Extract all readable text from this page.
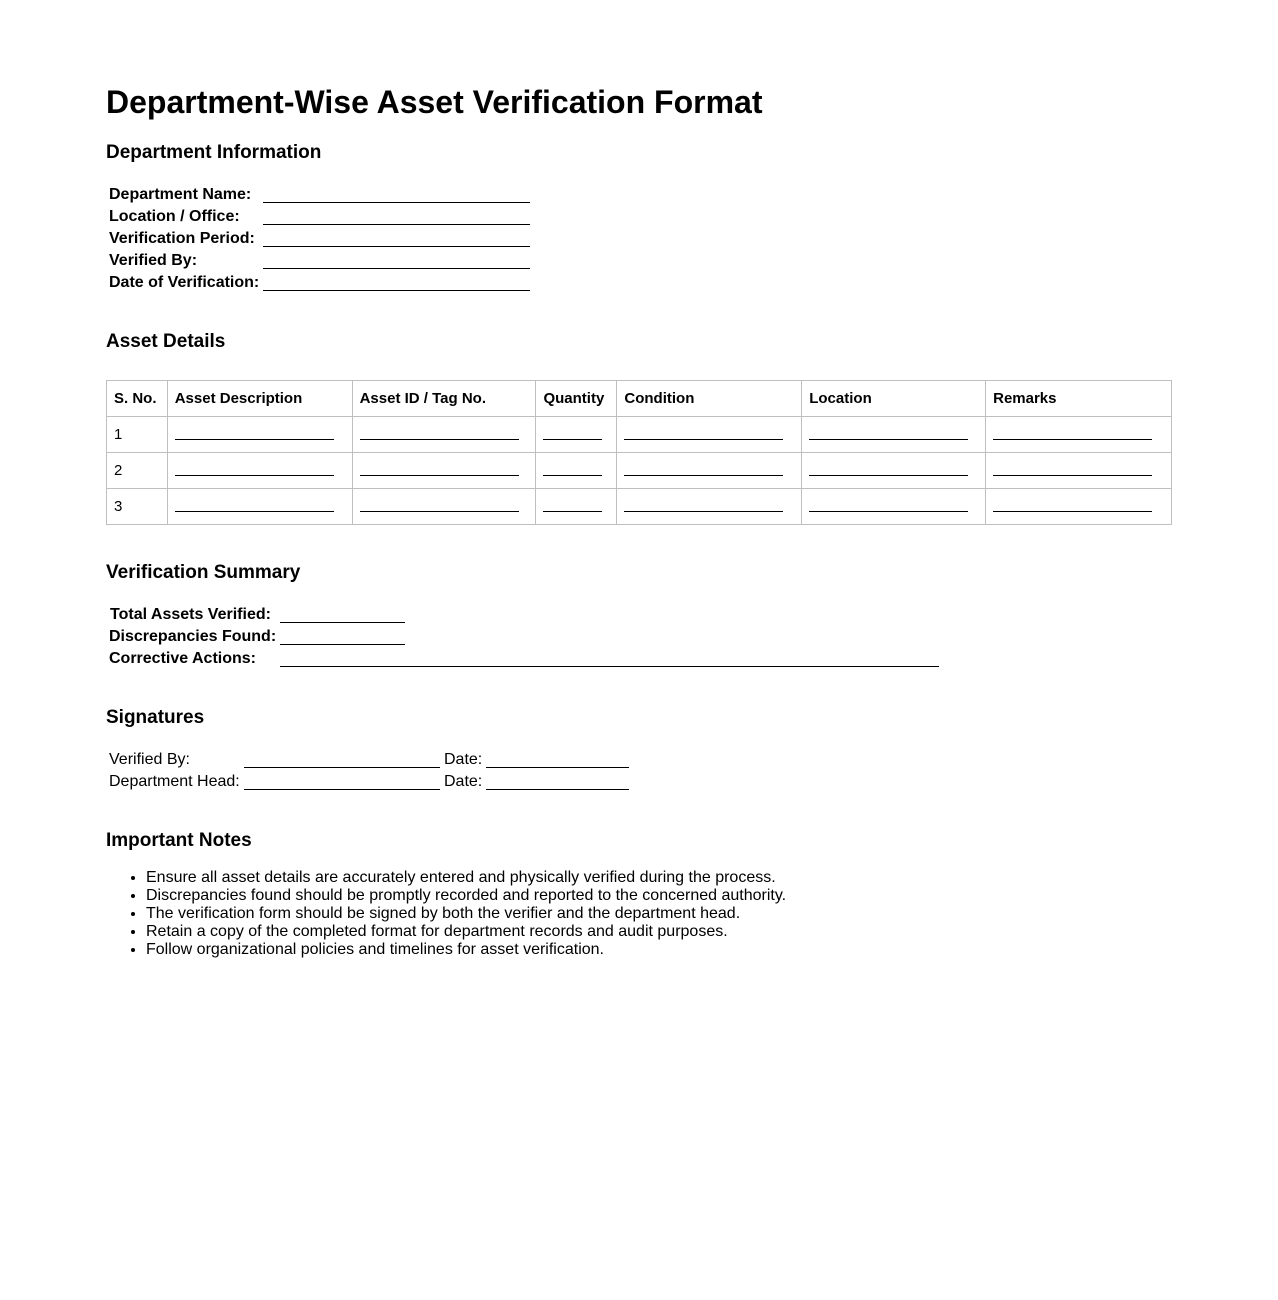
Department-Wise Asset Verification Format
Department Information
Department Name:
Location / Office:
Verification Period:
Verified By:
Date of Verification:
Asset Details
S. No.	Asset Description	Asset ID / Tag No.	Quantity	Condition	Location	Remarks
1	

2	

3	

Verification Summary
Total Assets Verified:
Discrepancies Found:
Corrective Actions:
Signatures
Verified By:	Date:
Department Head:	Date:
Important Notes
• Ensure all asset details are accurately entered and physically verified during the process.
• Discrepancies found should be promptly recorded and reported to the concerned authority.
• The verification form should be signed by both the verifier and the department head.
• Retain a copy of the completed format for department records and audit purposes.
• Follow organizational policies and timelines for asset verification.
